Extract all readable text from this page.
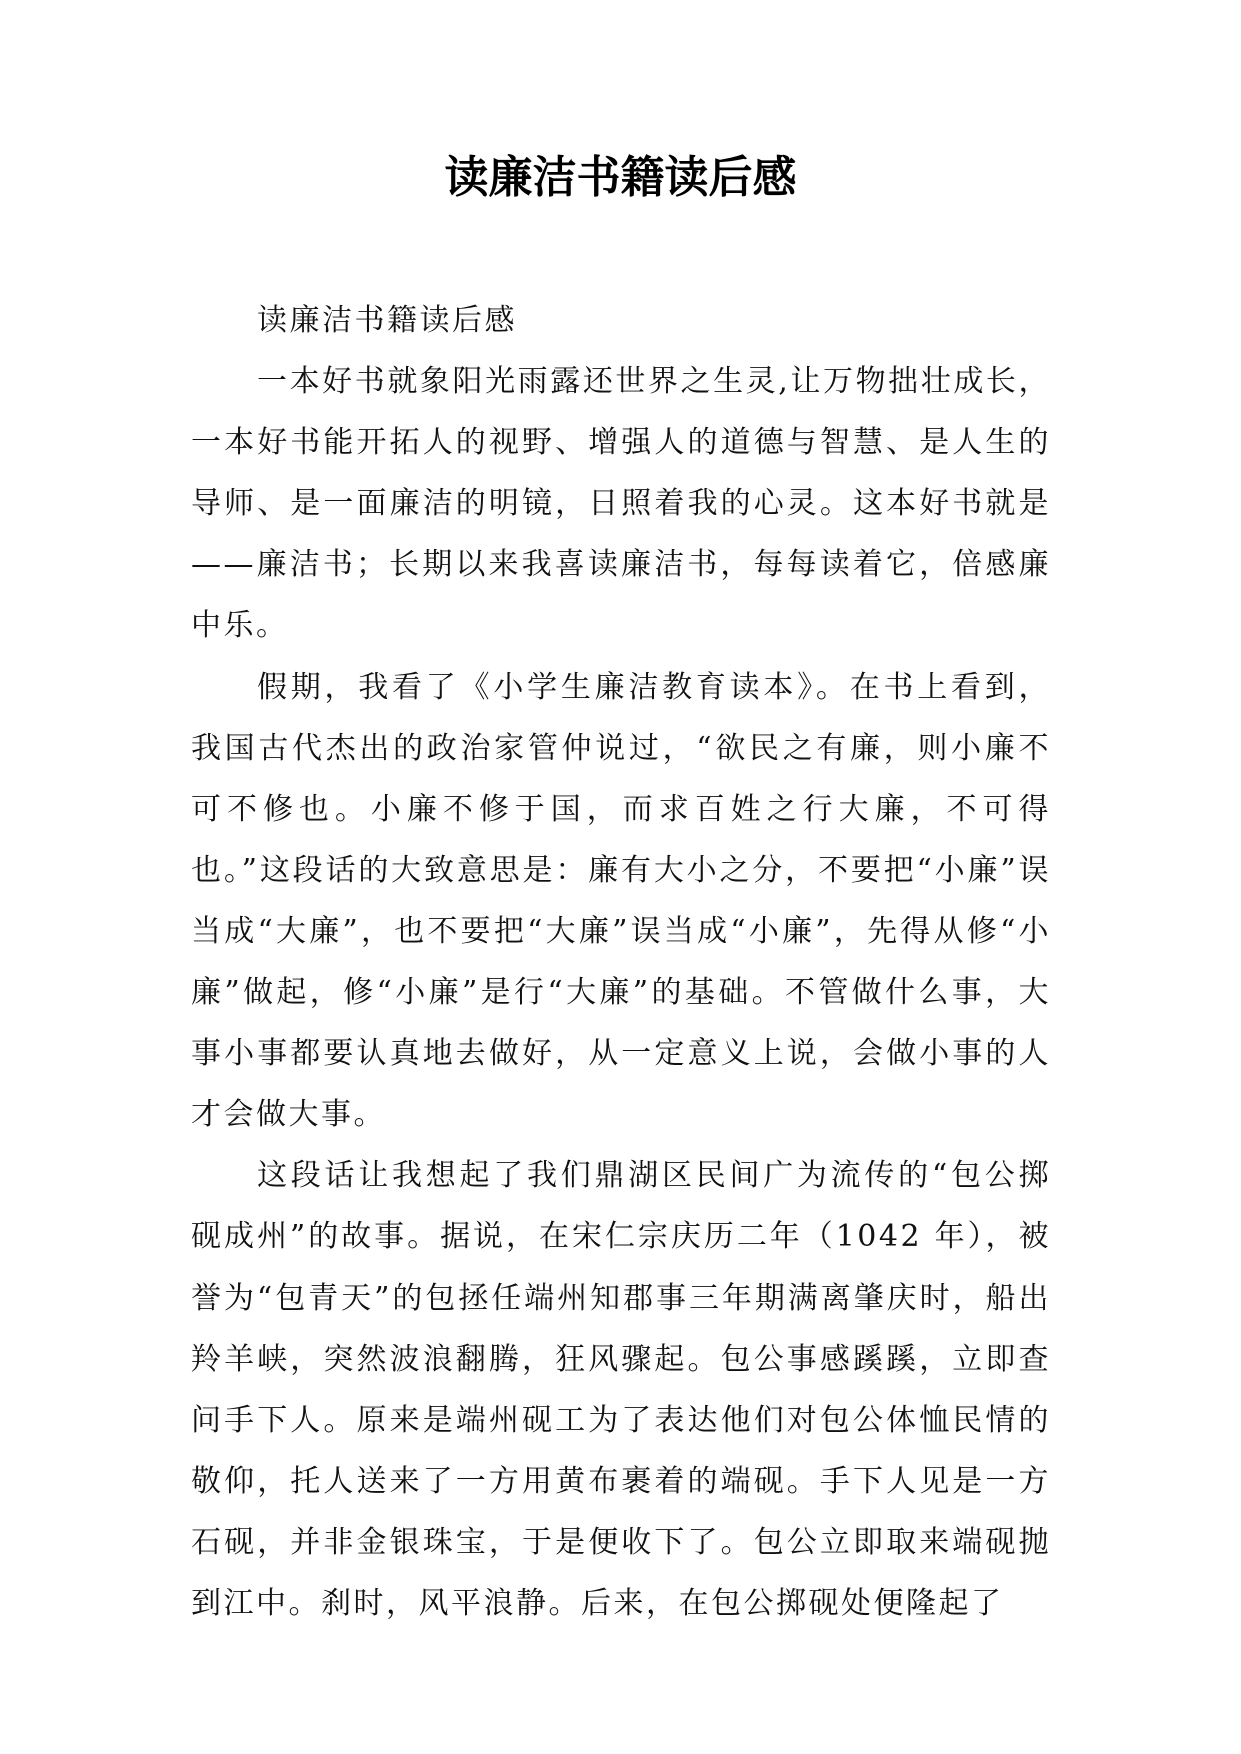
读廉洁书籍读后感

读廉洁书籍读后感

一本好书就象阳光雨露还世界之生灵,让万物拙壮成长，一本好书能开拓人的视野、增强人的道德与智慧、是人生的导师、是一面廉洁的明镜，日照着我的心灵。这本好书就是——廉洁书；长期以来我喜读廉洁书，每每读着它，倍感廉中乐。

假期，我看了《小学生廉洁教育读本》。在书上看到，我国古代杰出的政治家管仲说过，“欲民之有廉，则小廉不可不修也。小廉不修于国，而求百姓之行大廉，不可得也。”这段话的大致意思是：廉有大小之分，不要把“小廉”误当成“大廉”，也不要把“大廉”误当成“小廉”，先得从修“小廉”做起，修“小廉”是行“大廉”的基础。不管做什么事，大事小事都要认真地去做好，从一定意义上说，会做小事的人才会做大事。

这段话让我想起了我们鼎湖区民间广为流传的“包公掷砚成州”的故事。据说，在宋仁宗庆历二年（1042 年），被誉为“包青天”的包拯任端州知郡事三年期满离肇庆时，船出羚羊峡，突然波浪翻腾，狂风骤起。包公事感蹊蹊，立即查问手下人。原来是端州砚工为了表达他们对包公体恤民情的敬仰，托人送来了一方用黄布裹着的端砚。手下人见是一方石砚，并非金银珠宝，于是便收下了。包公立即取来端砚抛到江中。刹时，风平浪静。后来，在包公掷砚处便隆起了
